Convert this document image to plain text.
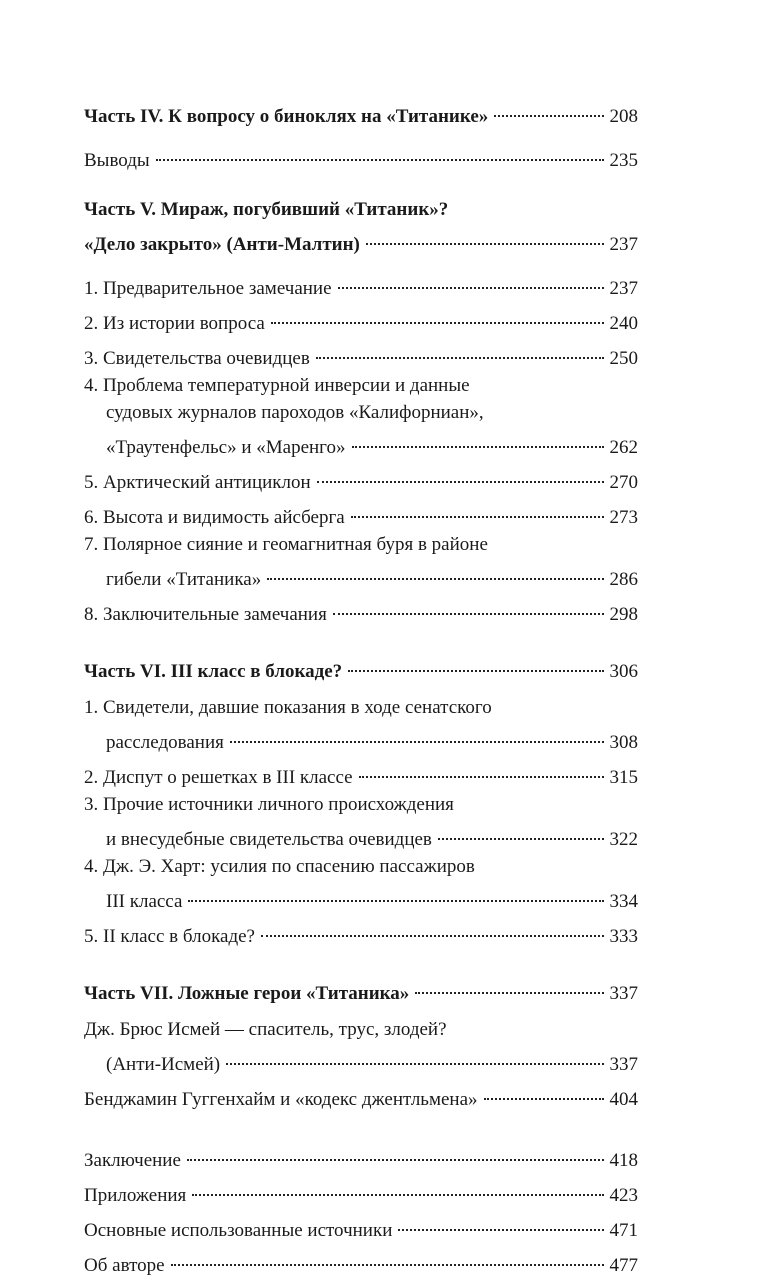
Часть IV. К вопросу о биноклях на «Титанике»	208
Выводы	235
Часть V. Мираж, погубивший «Титаник»?
«Дело закрыто» (Анти-Малтин)	237
1. Предварительное замечание	237
2. Из истории вопроса	240
3. Свидетельства очевидцев	250
4. Проблема температурной инверсии и данные
судовых журналов пароходов «Калифорниан»,
«Траутенфельс» и «Маренго»	262
5. Арктический антициклон	270
6. Высота и видимость айсберга	273
7. Полярное сияние и геомагнитная буря в районе
гибели «Титаника»	286
8. Заключительные замечания	298
Часть VI. III класс в блокаде?	306
1. Свидетели, давшие показания в ходе сенатского
расследования	308
2. Диспут о решетках в III классе	315
3. Прочие источники личного происхождения
и внесудебные свидетельства очевидцев	322
4. Дж. Э. Харт: усилия по спасению пассажиров
III класса	334
5. II класс в блокаде?	333
Часть VII. Ложные герои «Титаника»	337
Дж. Брюс Исмей — спаситель, трус, злодей?
(Анти-Исмей)	337
Бенджамин Гуггенхайм и «кодекс джентльмена»	404
Заключение	418
Приложения	423
Основные использованные источники	471
Об авторе	477
